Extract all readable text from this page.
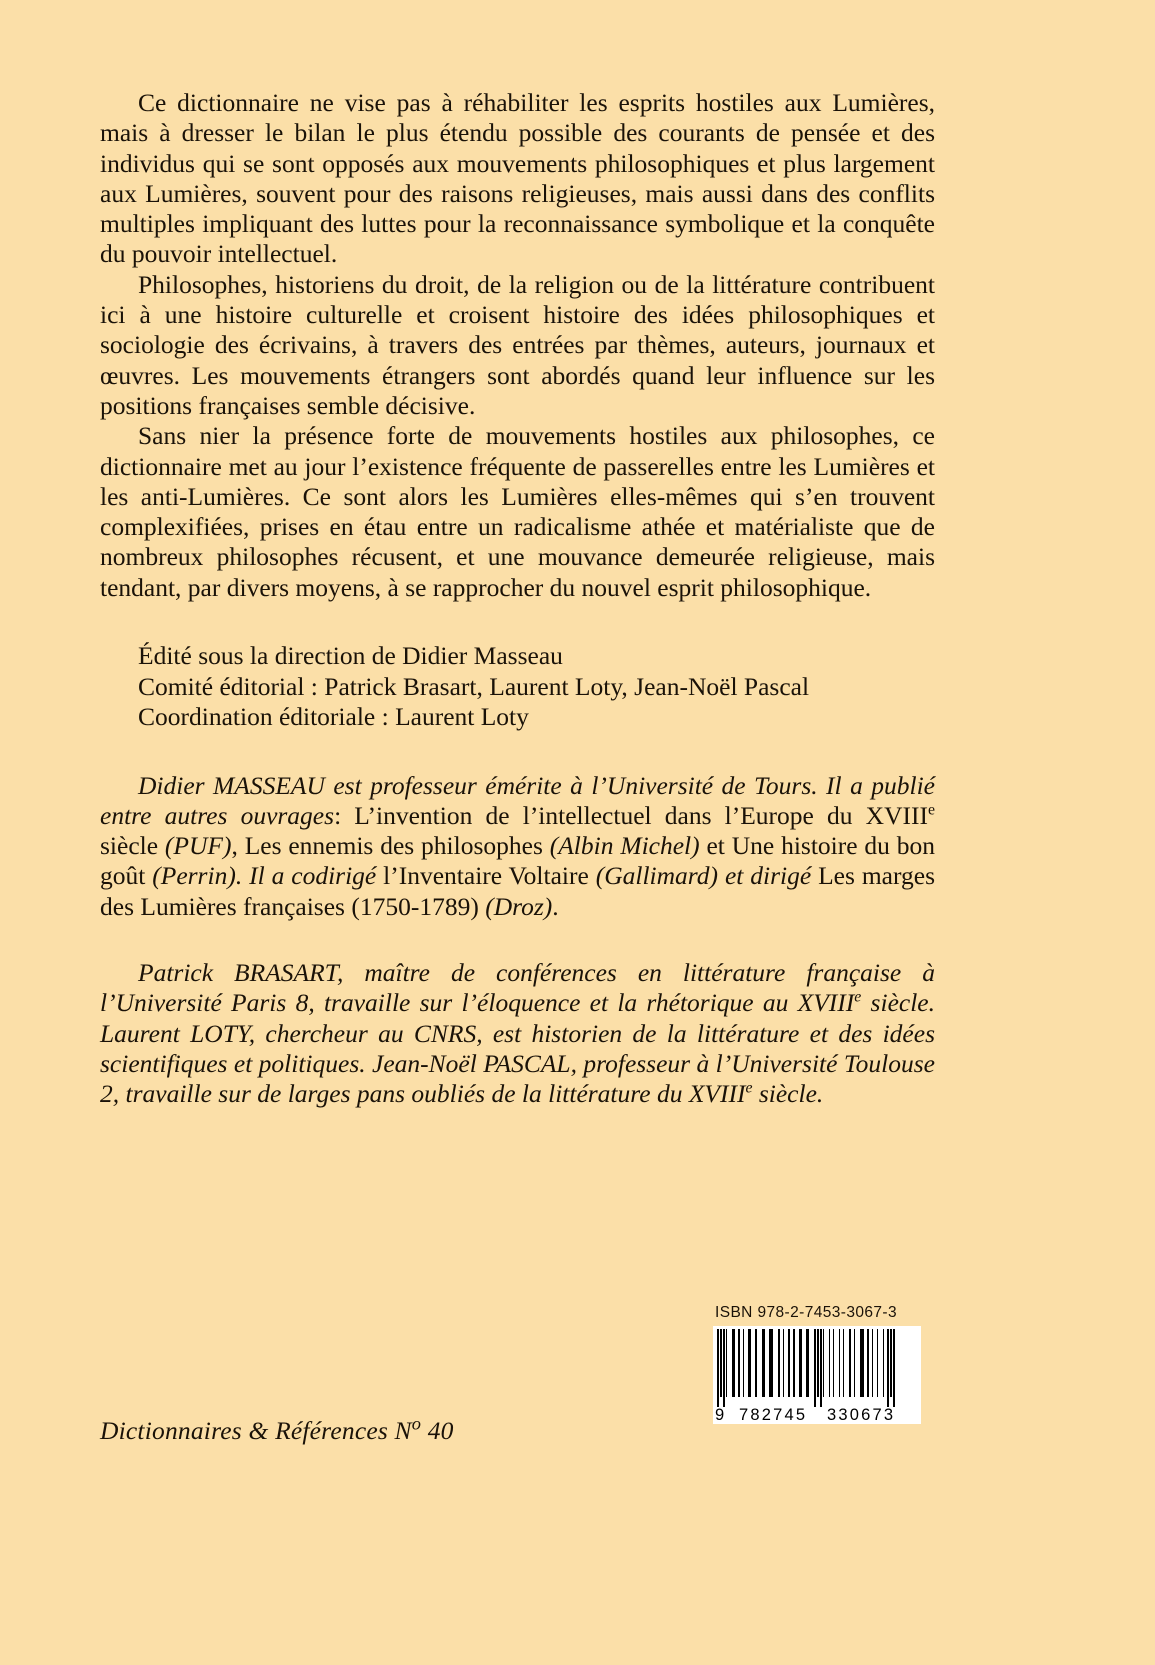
Ce dictionnaire ne vise pas à réhabiliter les esprits hostiles aux Lumières, mais à dresser le bilan le plus étendu possible des courants de pensée et des individus qui se sont opposés aux mouvements philosophiques et plus largement aux Lumières, souvent pour des raisons religieuses, mais aussi dans des conflits multiples impliquant des luttes pour la reconnaissance symbolique et la conquête du pouvoir intellectuel.

Philosophes, historiens du droit, de la religion ou de la littérature contribuent ici à une histoire culturelle et croisent histoire des idées philosophiques et sociologie des écrivains, à travers des entrées par thèmes, auteurs, journaux et œuvres. Les mouvements étrangers sont abordés quand leur influence sur les positions françaises semble décisive.

Sans nier la présence forte de mouvements hostiles aux philosophes, ce dictionnaire met au jour l’existence fréquente de passerelles entre les Lumières et les anti-Lumières. Ce sont alors les Lumières elles-mêmes qui s’en trouvent complexifiées, prises en étau entre un radicalisme athée et matérialiste que de nombreux philosophes récusent, et une mouvance demeurée religieuse, mais tendant, par divers moyens, à se rapprocher du nouvel esprit philosophique.

Édité sous la direction de Didier Masseau
Comité éditorial : Patrick Brasart, Laurent Loty, Jean-Noël Pascal
Coordination éditoriale : Laurent Loty
Didier MASSEAU est professeur émérite à l’Université de Tours. Il a publié entre autres ouvrages: L’invention de l’intellectuel dans l’Europe du XVIIIe siècle (PUF), Les ennemis des philosophes (Albin Michel) et Une histoire du bon goût (Perrin). Il a codirigé l’Inventaire Voltaire (Gallimard) et dirigé Les marges des Lumières françaises (1750-1789) (Droz).
Patrick BRASART, maître de conférences en littérature française à l’Université Paris 8, travaille sur l’éloquence et la rhétorique au XVIIIe siècle. Laurent LOTY, chercheur au CNRS, est historien de la littérature et des idées scientifiques et politiques. Jean-Noël PASCAL, professeur à l’Université Toulouse 2, travaille sur de larges pans oubliés de la littérature du XVIIIe siècle.
Dictionnaires & Références $N^o$ 40
ISBN 978-2-7453-3067-3
9 782745 330673
